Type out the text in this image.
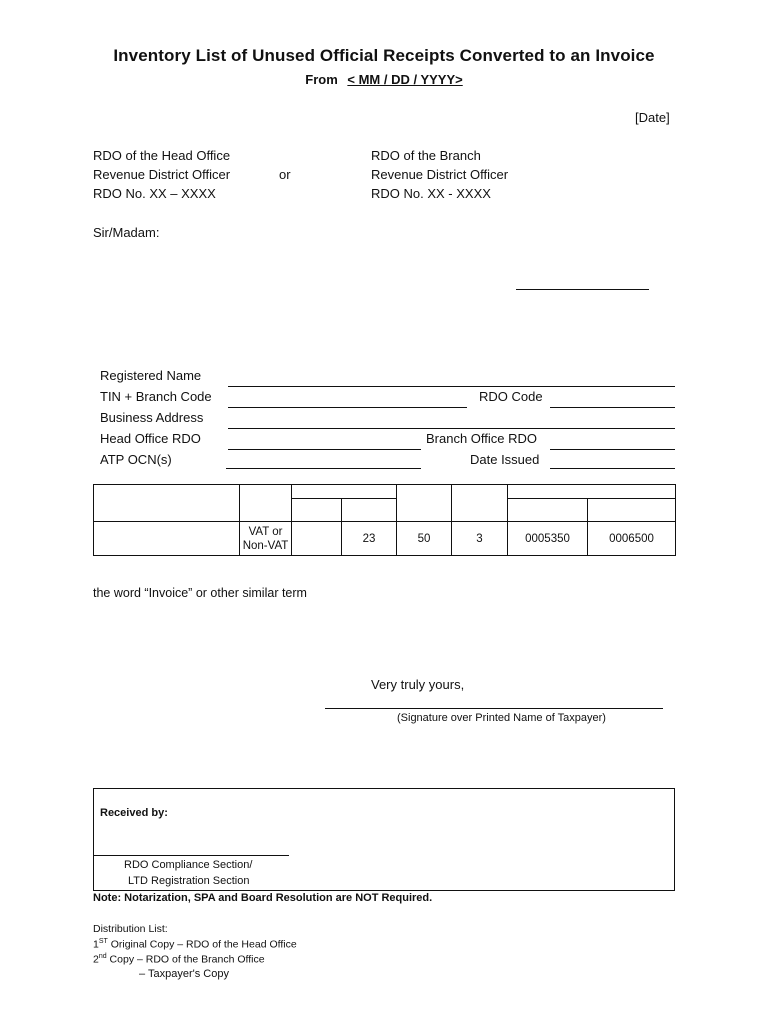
Inventory List of Unused Official Receipts Converted to an Invoice
From < MM / DD / YYYY>
[Date]
RDO of the Head Office
Revenue District Officer
RDO No. XX – XXXX
or
RDO of the Branch
Revenue District Officer
RDO No. XX - XXXX
Sir/Madam:
Registered Name
TIN + Branch Code	RDO Code
Business Address
Head Office RDO	Branch Office RDO
ATP OCN(s)	Date Issued

	VAT or Non-VAT		23	50	3	0005350	0006500
the word “Invoice” or other similar term
Very truly yours,
(Signature over Printed Name of Taxpayer)
Received by:
RDO Compliance Section/
LTD Registration Section
Note: Notarization, SPA and Board Resolution are NOT Required.
Distribution List:
1ST Original Copy – RDO of the Head Office
2nd Copy – RDO of the Branch Office
– Taxpayer's Copy
